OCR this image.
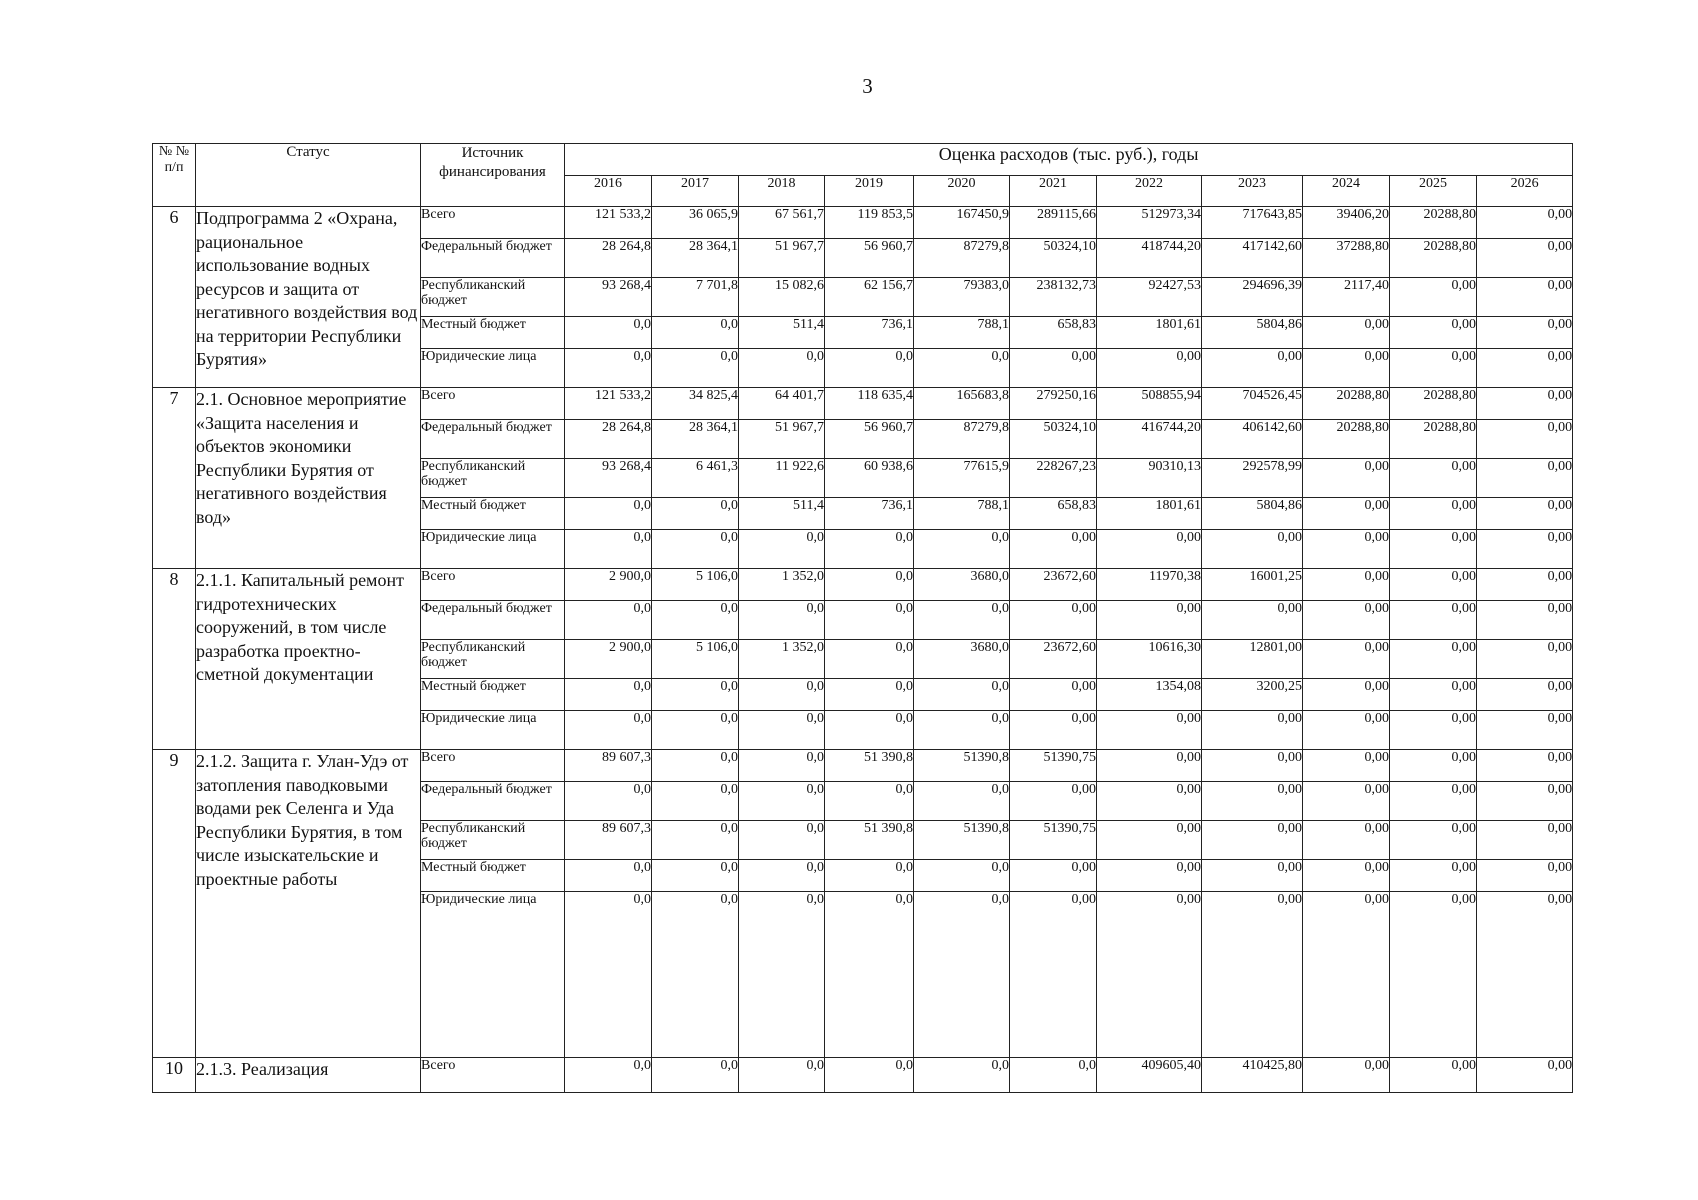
3
№ № п/п	Статус	Источник финансирования	Оценка расходов (тыс. руб.), годы										
			2016	2017	2018	2019	2020	2021	2022	2023	2024	2025	2026
6	Подпрограмма 2 «Охрана, рациональное использование водных ресурсов и защита от негативного воздействия вод на территории Республики Бурятия»	Всего	121 533,2	36 065,9	67 561,7	119 853,5	167450,9	289115,66	512973,34	717643,85	39406,20	20288,80	0,00
		Федеральный бюджет	28 264,8	28 364,1	51 967,7	56 960,7	87279,8	50324,10	418744,20	417142,60	37288,80	20288,80	0,00
		Республиканский бюджет	93 268,4	7 701,8	15 082,6	62 156,7	79383,0	238132,73	92427,53	294696,39	2117,40	0,00	0,00
		Местный бюджет	0,0	0,0	511,4	736,1	788,1	658,83	1801,61	5804,86	0,00	0,00	0,00
		Юридические лица	0,0	0,0	0,0	0,0	0,0	0,00	0,00	0,00	0,00	0,00	0,00
7	2.1. Основное мероприятие «Защита населения и объектов экономики Республики Бурятия от негативного воздействия вод»	Всего	121 533,2	34 825,4	64 401,7	118 635,4	165683,8	279250,16	508855,94	704526,45	20288,80	20288,80	0,00
		Федеральный бюджет	28 264,8	28 364,1	51 967,7	56 960,7	87279,8	50324,10	416744,20	406142,60	20288,80	20288,80	0,00
		Республиканский бюджет	93 268,4	6 461,3	11 922,6	60 938,6	77615,9	228267,23	90310,13	292578,99	0,00	0,00	0,00
		Местный бюджет	0,0	0,0	511,4	736,1	788,1	658,83	1801,61	5804,86	0,00	0,00	0,00
		Юридические лица	0,0	0,0	0,0	0,0	0,0	0,00	0,00	0,00	0,00	0,00	0,00
8	2.1.1. Капитальный ремонт гидротехнических сооружений, в том числе разработка проектно-сметной документации	Всего	2 900,0	5 106,0	1 352,0	0,0	3680,0	23672,60	11970,38	16001,25	0,00	0,00	0,00
		Федеральный бюджет	0,0	0,0	0,0	0,0	0,0	0,00	0,00	0,00	0,00	0,00	0,00
		Республиканский бюджет	2 900,0	5 106,0	1 352,0	0,0	3680,0	23672,60	10616,30	12801,00	0,00	0,00	0,00
		Местный бюджет	0,0	0,0	0,0	0,0	0,0	0,00	1354,08	3200,25	0,00	0,00	0,00
		Юридические лица	0,0	0,0	0,0	0,0	0,0	0,00	0,00	0,00	0,00	0,00	0,00
9	2.1.2. Защита г. Улан-Удэ от затопления паводковыми водами рек Селенга и Уда Республики Бурятия, в том числе изыскательские и проектные работы	Всего	89 607,3	0,0	0,0	51 390,8	51390,8	51390,75	0,00	0,00	0,00	0,00	0,00
		Федеральный бюджет	0,0	0,0	0,0	0,0	0,0	0,00	0,00	0,00	0,00	0,00	0,00
		Республиканский бюджет	89 607,3	0,0	0,0	51 390,8	51390,8	51390,75	0,00	0,00	0,00	0,00	0,00
		Местный бюджет	0,0	0,0	0,0	0,0	0,0	0,00	0,00	0,00	0,00	0,00	0,00
		Юридические лица	0,0	0,0	0,0	0,0	0,0	0,00	0,00	0,00	0,00	0,00	0,00
10	2.1.3. Реализация	Всего	0,0	0,0	0,0	0,0	0,0	0,0	409605,40	410425,80	0,00	0,00	0,00
